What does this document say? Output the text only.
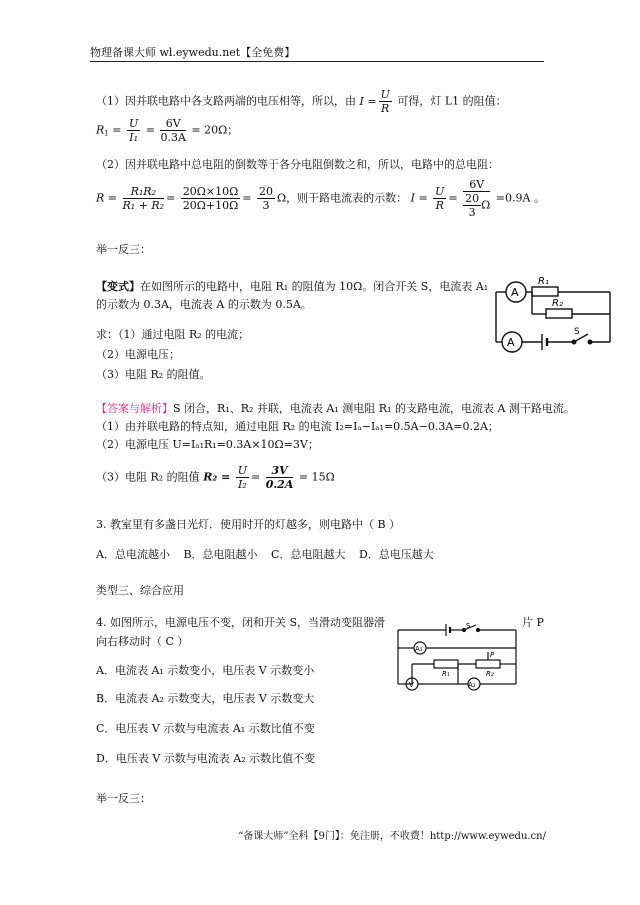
物理备课大师 wl.eywedu.net【全免费】
（1）因并联电路中各支路两端的电压相等，所以，由 $I = \frac{U}{R}$ 可得，灯 L1 的阻值：
$R_1 = \frac{U}{\text{I₁}} = \frac{6V}{0.3A} = 20\Omega$；
（2）因并联电路中总电阻的倒数等于各分电阻倒数之和，所以，电路中的总电阻：
$R = \frac{\text{R₁R₂}}{\text{R₁ + R₂}} = \frac{20\Omega\times 10\Omega}{20\Omega+10\Omega} = \frac{20}{3}$ Ω，则干路电流表的示数： $I = \frac{U}{R} = \frac{6V}{\frac{20}{3} \Omega} =0.9A$ 。
举一反三：
【变式】在如图所示的电路中，电阻 R₁ 的阻值为 10Ω。闭合开关 S，电流表 A₁
的示数为 0.3A，电流表 A 的示数为 0.5A。
求：（1）通过电阻 R₂ 的电流；
（2）电源电压；
（3）电阻 R₂ 的阻值。
A
A
R₁
R₂
S
【答案与解析】S 闭合，R₁、R₂ 并联，电流表 A₁ 测电阻 R₁ 的支路电流，电流表 A 测干路电流。
（1）由并联电路的特点知，通过电阻 R₂ 的电流 I₂=Iₐ−Iₐ₁=0.5A−0.3A=0.2A；
（2）电源电压 U=Iₐ₁R₁=0.3A×10Ω=3V；
（3）电阻 R₂ 的阻值 $R_2 = \frac{U}{\text{I₂}} = \frac{3V}{0.2A} = 15\Omega$
3. 教室里有多盏日光灯．使用时开的灯越多，则电路中（ B ）
A．总电流越小 B．总电阻越小 C．总电阻越大 D．总电压越大
类型三、综合应用
4. 如图所示，电源电压不变，闭和开关 S，当滑动变阻器滑	片 P
向右移动时（ C ）
A．电流表 A₁ 示数变小，电压表 V 示数变小
B．电流表 A₂ 示数变大，电压表 V 示数变大
C．电压表 V 示数与电流表 A₁ 示数比值不变
D．电压表 V 示数与电流表 A₂ 示数比值不变
S
A₁
A₂
V
R₁	R₂
P
举一反三：
“备课大师”全科【9门】：免注册，不收费！http://www.eywedu.cn/
